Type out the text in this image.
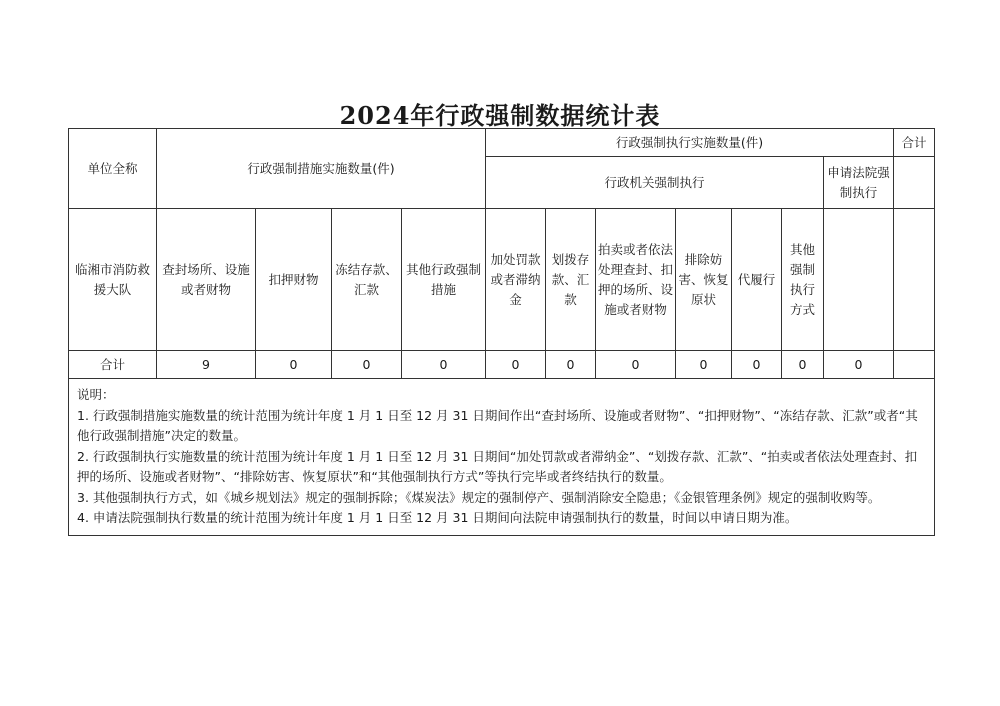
2024年行政强制数据统计表
单位全称	行政强制措施实施数量(件)				行政强制执行实施数量(件)							合计
					行政机关强制执行						申请法院强制执行	
临湘市消防救援大队	查封场所、设施或者财物	扣押财物	冻结存款、汇款	其他行政强制措施	加处罚款或者滞纳金	划拨存款、汇款	拍卖或者依法处理查封、扣押的场所、设施或者财物	排除妨害、恢复原状	代履行	其他强制执行方式		
合计	9	0	0	0	0	0	0	0	0	0	0	

说明：

1. 行政强制措施实施数量的统计范围为统计年度 1 月 1 日至 12 月 31 日期间作出“查封场所、设施或者财物”、“扣押财物”、“冻结存款、汇款”或者“其他行政强制措施”决定的数量。

2. 行政强制执行实施数量的统计范围为统计年度 1 月 1 日至 12 月 31 日期间“加处罚款或者滞纳金”、“划拨存款、汇款”、“拍卖或者依法处理查封、扣押的场所、设施或者财物”、“排除妨害、恢复原状”和“其他强制执行方式”等执行完毕或者终结执行的数量。

3. 其他强制执行方式，如《城乡规划法》规定的强制拆除；《煤炭法》规定的强制停产、强制消除安全隐患；《金银管理条例》规定的强制收购等。

4. 申请法院强制执行数量的统计范围为统计年度 1 月 1 日至 12 月 31 日期间向法院申请强制执行的数量，时间以申请日期为准。												
